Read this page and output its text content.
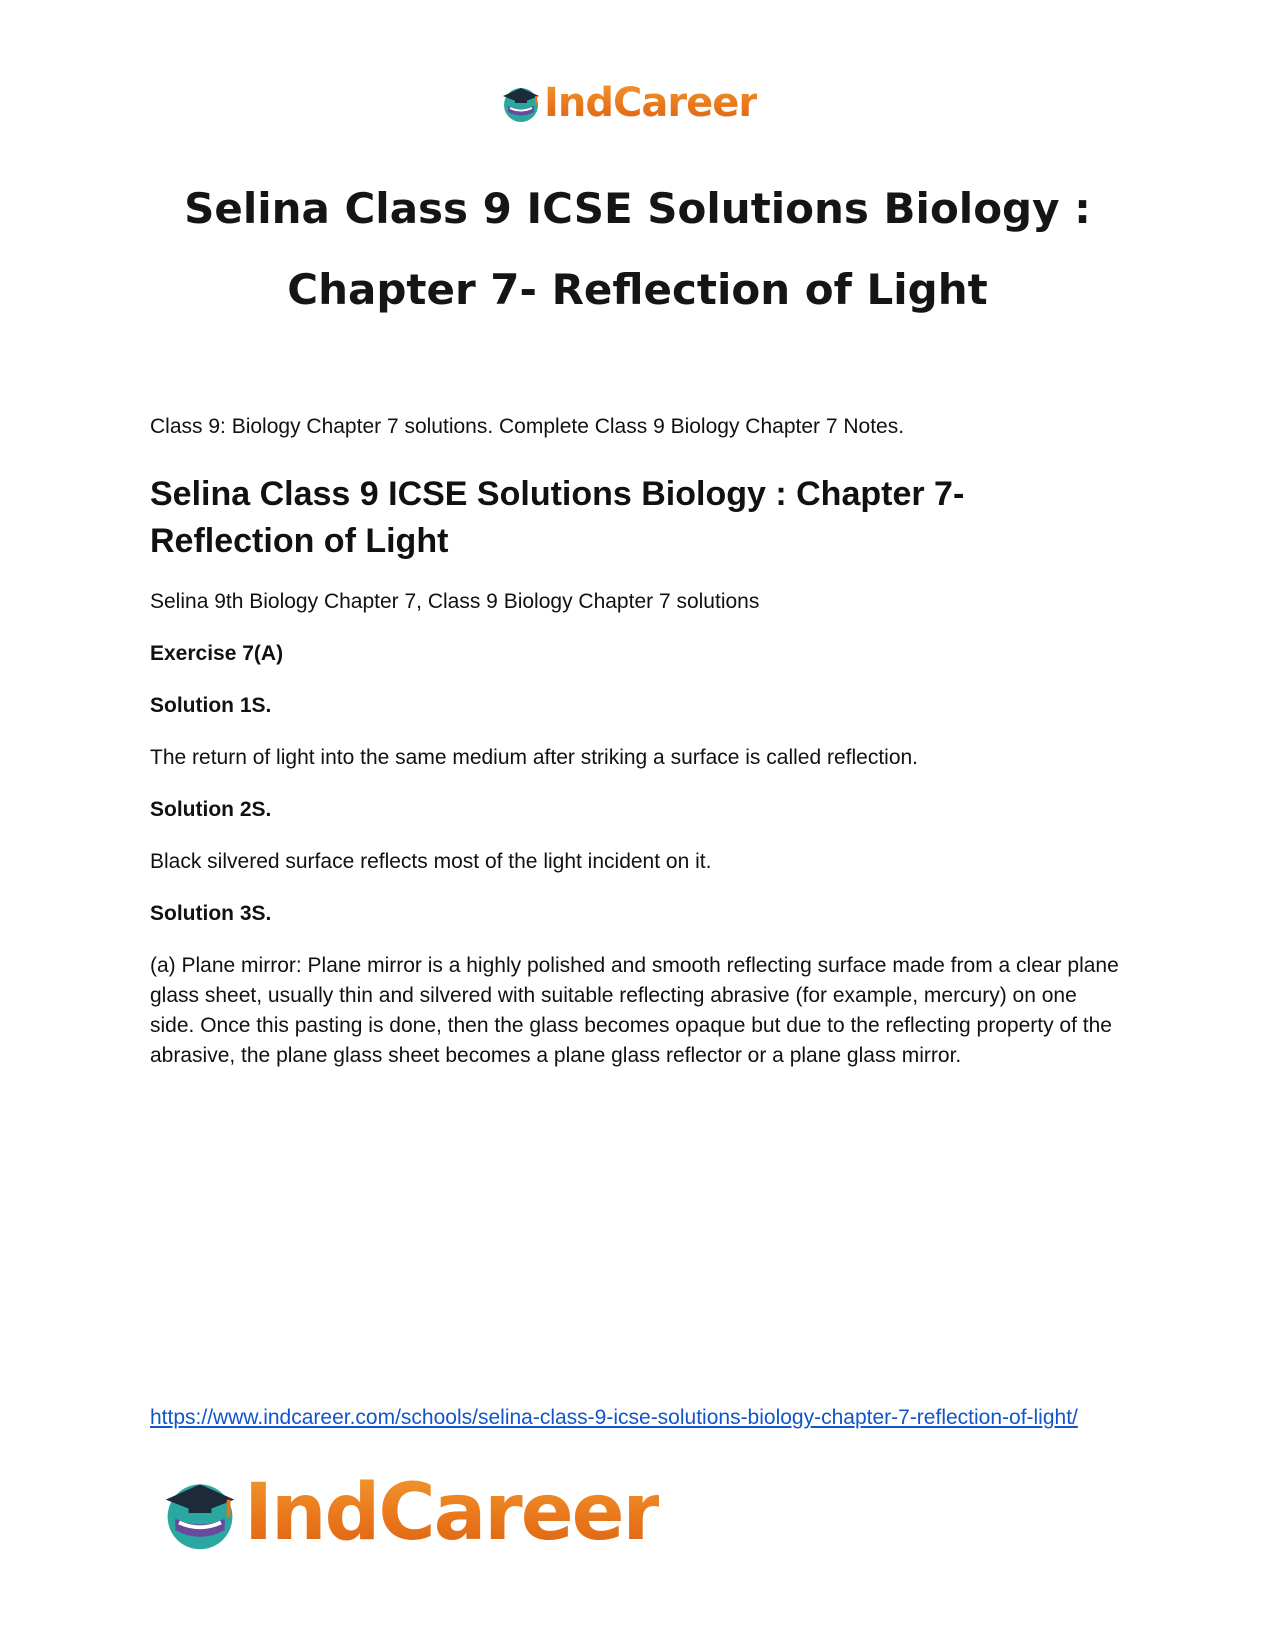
IndCareer
Selina Class 9 ICSE Solutions Biology :
Chapter 7- Reflection of Light

Class 9: Biology Chapter 7 solutions. Complete Class 9 Biology Chapter 7 Notes.

Selina Class 9 ICSE Solutions Biology : Chapter 7- Reflection of Light

Selina 9th Biology Chapter 7, Class 9 Biology Chapter 7 solutions

Exercise 7(A)

Solution 1S.

The return of light into the same medium after striking a surface is called reflection.

Solution 2S.

Black silvered surface reflects most of the light incident on it.

Solution 3S.

(a) Plane mirror: Plane mirror is a highly polished and smooth reflecting surface made from a clear plane glass sheet, usually thin and silvered with suitable reflecting abrasive (for example, mercury) on one side. Once this pasting is done, then the glass becomes opaque but due to the reflecting property of the abrasive, the plane glass sheet becomes a plane glass reflector or a plane glass mirror.

https://www.indcareer.com/schools/selina-class-9-icse-solutions-biology-chapter-7-reflection-of-light/
IndCareer
